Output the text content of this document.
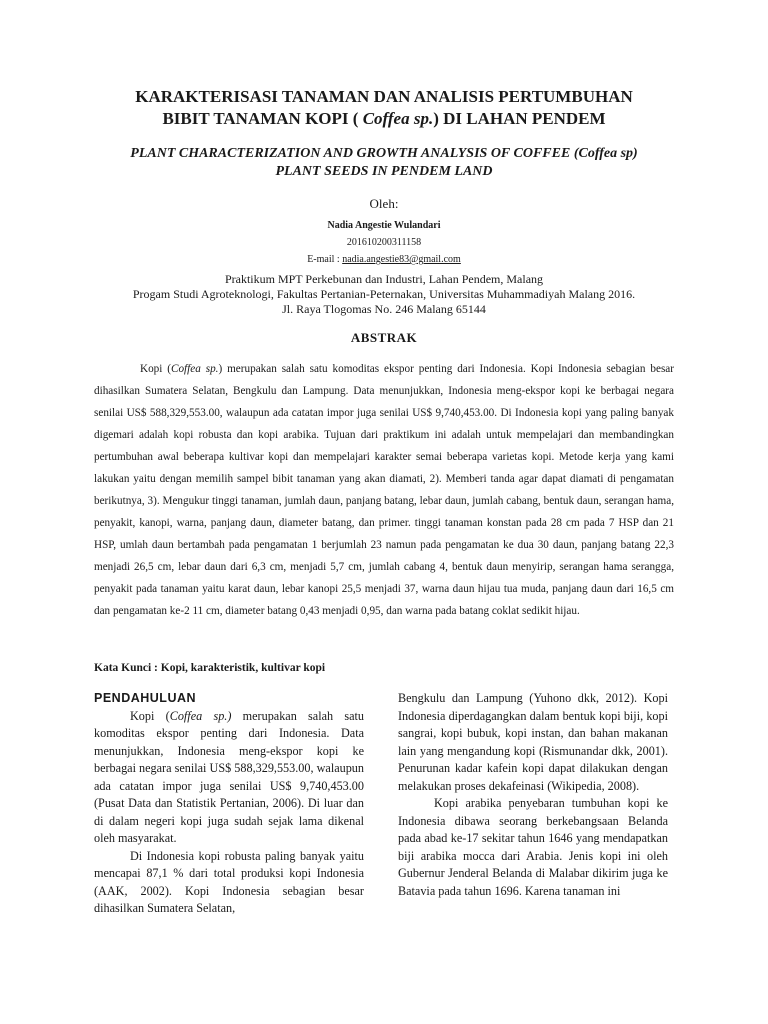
KARAKTERISASI TANAMAN DAN ANALISIS PERTUMBUHAN
BIBIT TANAMAN KOPI ( Coffea sp.) DI LAHAN PENDEM
PLANT CHARACTERIZATION AND GROWTH ANALYSIS OF COFFEE (Coffea sp)
PLANT SEEDS IN PENDEM LAND
Oleh:
Nadia Angestie Wulandari
201610200311158
E-mail : nadia.angestie83@gmail.com
Praktikum MPT Perkebunan dan Industri, Lahan Pendem, Malang
Progam Studi Agroteknologi, Fakultas Pertanian-Peternakan, Universitas Muhammadiyah Malang 2016.
Jl. Raya Tlogomas No. 246 Malang 65144
ABSTRAK
Kopi (Coffea sp.) merupakan salah satu komoditas ekspor penting dari Indonesia. Kopi Indonesia sebagian besar dihasilkan Sumatera Selatan, Bengkulu dan Lampung. Data menunjukkan, Indonesia meng-ekspor kopi ke berbagai negara senilai US$ 588,329,553.00, walaupun ada catatan impor juga senilai US$ 9,740,453.00. Di Indonesia kopi yang paling banyak digemari adalah kopi robusta dan kopi arabika. Tujuan dari praktikum ini adalah untuk mempelajari dan membandingkan pertumbuhan awal beberapa kultivar kopi dan mempelajari karakter semai beberapa varietas kopi. Metode kerja yang kami lakukan yaitu dengan memilih sampel bibit tanaman yang akan diamati, 2). Memberi tanda agar dapat diamati di pengamatan berikutnya, 3). Mengukur tinggi tanaman, jumlah daun, panjang batang, lebar daun, jumlah cabang, bentuk daun, serangan hama, penyakit, kanopi, warna, panjang daun, diameter batang, dan primer. tinggi tanaman konstan pada 28 cm pada 7 HSP dan 21 HSP, umlah daun bertambah pada pengamatan 1 berjumlah 23 namun pada pengamatan ke dua 30 daun, panjang batang 22,3 menjadi 26,5 cm, lebar daun dari 6,3 cm, menjadi 5,7 cm, jumlah cabang 4, bentuk daun menyirip, serangan hama serangga, penyakit pada tanaman yaitu karat daun, lebar kanopi 25,5 menjadi 37, warna daun hijau tua muda, panjang daun dari 16,5 cm dan pengamatan ke-2 11 cm, diameter batang 0,43 menjadi 0,95, dan warna pada batang coklat sedikit hijau.
Kata Kunci : Kopi, karakteristik, kultivar kopi
PENDAHULUAN

Kopi (Coffea sp.) merupakan salah satu komoditas ekspor penting dari Indonesia. Data menunjukkan, Indonesia meng-ekspor kopi ke berbagai negara senilai US$ 588,329,553.00, walaupun ada catatan impor juga senilai US$ 9,740,453.00 (Pusat Data dan Statistik Pertanian, 2006). Di luar dan di dalam negeri kopi juga sudah sejak lama dikenal oleh masyarakat.

Di Indonesia kopi robusta paling banyak yaitu mencapai 87,1 % dari total produksi kopi Indonesia (AAK, 2002). Kopi Indonesia sebagian besar dihasilkan Sumatera Selatan,

Bengkulu dan Lampung (Yuhono dkk, 2012). Kopi Indonesia diperdagangkan dalam bentuk kopi biji, kopi sangrai, kopi bubuk, kopi instan, dan bahan makanan lain yang mengandung kopi (Rismunandar dkk, 2001). Penurunan kadar kafein kopi dapat dilakukan dengan melakukan proses dekafeinasi (Wikipedia, 2008).

Kopi arabika penyebaran tumbuhan kopi ke Indonesia dibawa seorang berkebangsaan Belanda pada abad ke-17 sekitar tahun 1646 yang mendapatkan biji arabika mocca dari Arabia. Jenis kopi ini oleh Gubernur Jenderal Belanda di Malabar dikirim juga ke Batavia pada tahun 1696. Karena tanaman ini
